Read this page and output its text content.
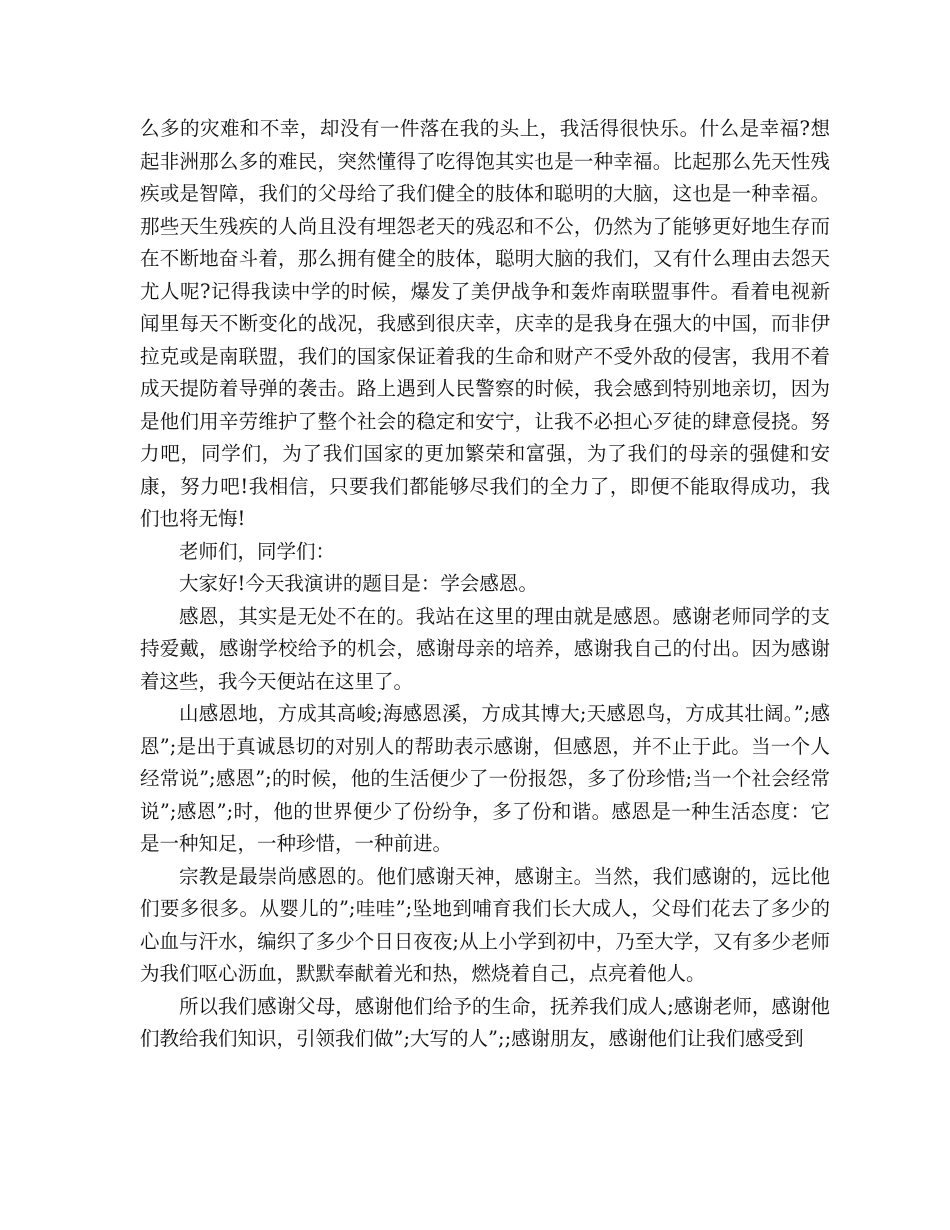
么多的灾难和不幸，却没有一件落在我的头上，我活得很快乐。什么是幸福?想起非洲那么多的难民，突然懂得了吃得饱其实也是一种幸福。比起那么先天性残疾或是智障，我们的父母给了我们健全的肢体和聪明的大脑，这也是一种幸福。那些天生残疾的人尚且没有埋怨老天的残忍和不公，仍然为了能够更好地生存而在不断地奋斗着，那么拥有健全的肢体，聪明大脑的我们，又有什么理由去怨天尤人呢?记得我读中学的时候，爆发了美伊战争和轰炸南联盟事件。看着电视新闻里每天不断变化的战况，我感到很庆幸，庆幸的是我身在强大的中国，而非伊拉克或是南联盟，我们的国家保证着我的生命和财产不受外敌的侵害，我用不着成天提防着导弹的袭击。路上遇到人民警察的时候，我会感到特别地亲切，因为是他们用辛劳维护了整个社会的稳定和安宁，让我不必担心歹徒的肆意侵挠。努力吧，同学们，为了我们国家的更加繁荣和富强，为了我们的母亲的强健和安康，努力吧!我相信，只要我们都能够尽我们的全力了，即便不能取得成功，我们也将无悔!

老师们，同学们：

大家好!今天我演讲的题目是：学会感恩。

感恩，其实是无处不在的。我站在这里的理由就是感恩。感谢老师同学的支持爱戴，感谢学校给予的机会，感谢母亲的培养，感谢我自己的付出。因为感谢着这些，我今天便站在这里了。

山感恩地，方成其高峻;海感恩溪，方成其博大;天感恩鸟，方成其壮阔。”;感恩”;是出于真诚恳切的对别人的帮助表示感谢，但感恩，并不止于此。当一个人经常说”;感恩”;的时候，他的生活便少了一份报怨，多了份珍惜;当一个社会经常说”;感恩”;时，他的世界便少了份纷争，多了份和谐。感恩是一种生活态度：它是一种知足，一种珍惜，一种前进。

宗教是最崇尚感恩的。他们感谢天神，感谢主。当然，我们感谢的，远比他们要多很多。从婴儿的”;哇哇”;坠地到哺育我们长大成人，父母们花去了多少的心血与汗水，编织了多少个日日夜夜;从上小学到初中，乃至大学，又有多少老师为我们呕心沥血，默默奉献着光和热，燃烧着自己，点亮着他人。

所以我们感谢父母，感谢他们给予的生命，抚养我们成人;感谢老师，感谢他们教给我们知识，引领我们做”;大写的人”;;感谢朋友，感谢他们让我们感受到
